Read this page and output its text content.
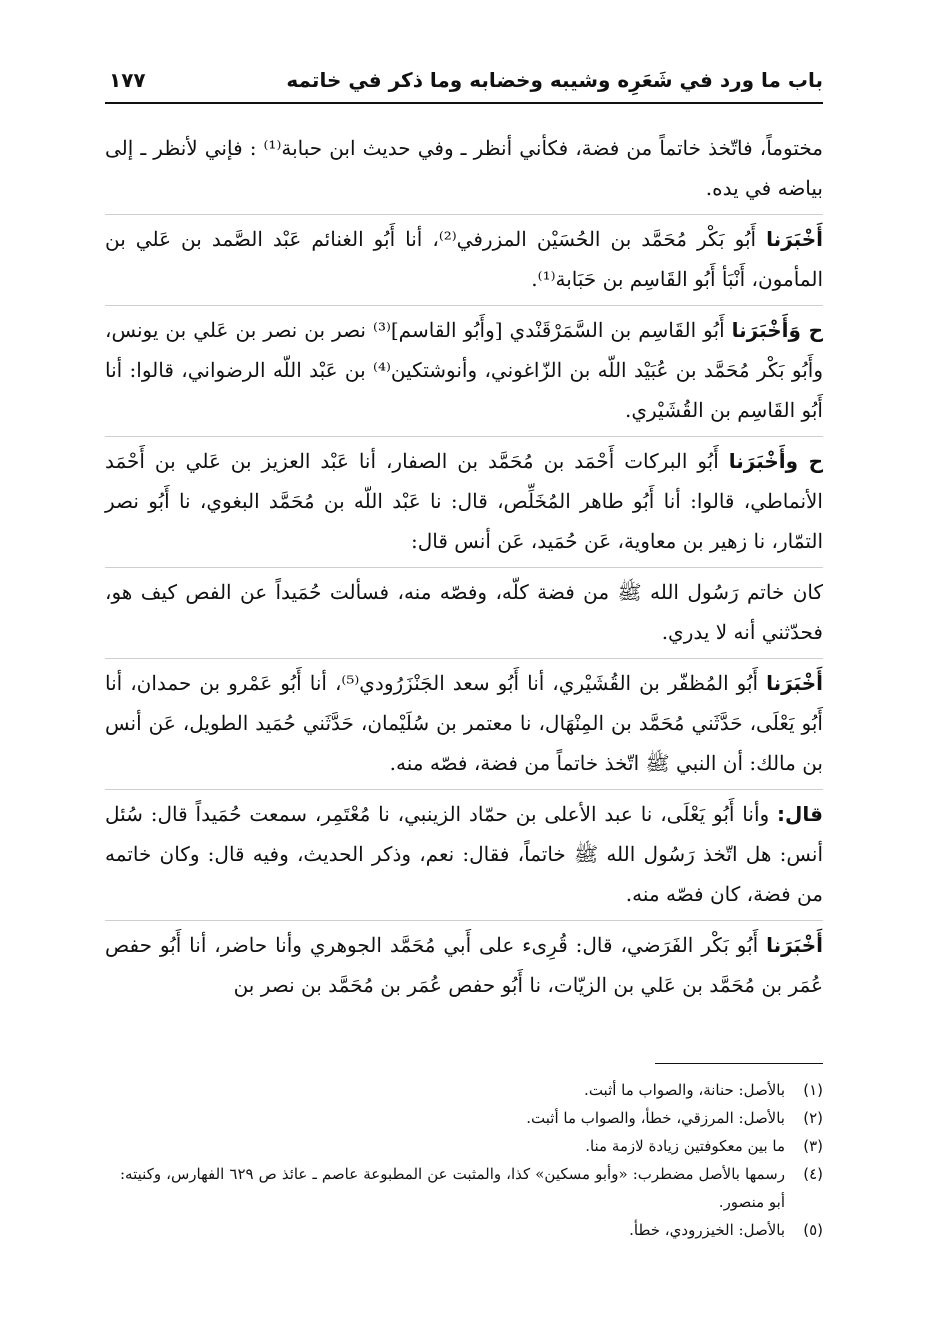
باب ما ورد في شَعَرِه وشيبه وخضابه وما ذكر في خاتمه
١٧٧

مختوماً، فاتّخذ خاتماً من فضة، فكأني أنظر ـ وفي حديث ابن حبابة⁽¹⁾ : فإني لأنظر ـ إلى بياضه في يده.

أَخْبَرَنا أَبُو بَكْر مُحَمَّد بن الحُسَيْن المزرفي⁽²⁾، أنا أَبُو الغنائم عَبْد الصَّمد بن عَلي بن المأمون، أَنْبَأ أَبُو القَاسِم بن حَبَابة⁽¹⁾.

ح وَأَخْبَرَنا أَبُو القَاسِم بن السَّمَرْقَنْدي [وأَبُو القاسم]⁽³⁾ نصر بن نصر بن عَلي بن يونس، وأَبُو بَكْر مُحَمَّد بن عُبَيْد اللّه بن الزّاغوني، وأنوشتكين⁽⁴⁾ بن عَبْد اللّه الرضواني، قالوا: أنا أَبُو القَاسِم بن القُشَيْري.

ح وأَخْبَرَنا أَبُو البركات أَحْمَد بن مُحَمَّد بن الصفار، أنا عَبْد العزيز بن عَلي بن أَحْمَد الأنماطي، قالوا: أنا أَبُو طاهر المُخَلِّص، قال: نا عَبْد اللّه بن مُحَمَّد البغوي، نا أَبُو نصر التمّار، نا زهير بن معاوية، عَن حُمَيد، عَن أنس قال:

كان خاتم رَسُول الله ﷺ من فضة كلّه، وفصّه منه، فسألت حُمَيداً عن الفص كيف هو، فحدّثني أنه لا يدري.

أَخْبَرَنا أَبُو المُظفّر بن القُشَيْري، أنا أَبُو سعد الجَنْزَرُودي⁽⁵⁾، أنا أَبُو عَمْرو بن حمدان، أنا أَبُو يَعْلَى، حَدَّثَني مُحَمَّد بن المِنْهَال، نا معتمر بن سُلَيْمان، حَدَّثَني حُمَيد الطويل، عَن أنس بن مالك: أن النبي ﷺ اتّخذ خاتماً من فضة، فصّه منه.

قال: وأنا أَبُو يَعْلَى، نا عبد الأعلى بن حمّاد الزينبي، نا مُعْتَمِر، سمعت حُمَيداً قال: سُئل أنس: هل اتّخذ رَسُول الله ﷺ خاتماً، فقال: نعم، وذكر الحديث، وفيه قال: وكان خاتمه من فضة، كان فصّه منه.

أَخْبَرَنا أَبُو بَكْر الفَرَضي، قال: قُرِىء على أَبي مُحَمَّد الجوهري وأنا حاضر، أنا أَبُو حفص عُمَر بن مُحَمَّد بن عَلي بن الزيّات، نا أَبُو حفص عُمَر بن مُحَمَّد بن نصر بن

(١)
بالأصل: حنانة، والصواب ما أثبت.
(٢)
بالأصل: المرزقي، خطأ، والصواب ما أثبت.
(٣)
ما بين معكوفتين زيادة لازمة منا.
(٤)
رسمها بالأصل مضطرب: «وأبو مسكين» كذا، والمثبت عن المطبوعة عاصم ـ عائذ ص ٦٢٩ الفهارس، وكنيته: أبو منصور.
(٥)
بالأصل: الخيزرودي، خطأ.
